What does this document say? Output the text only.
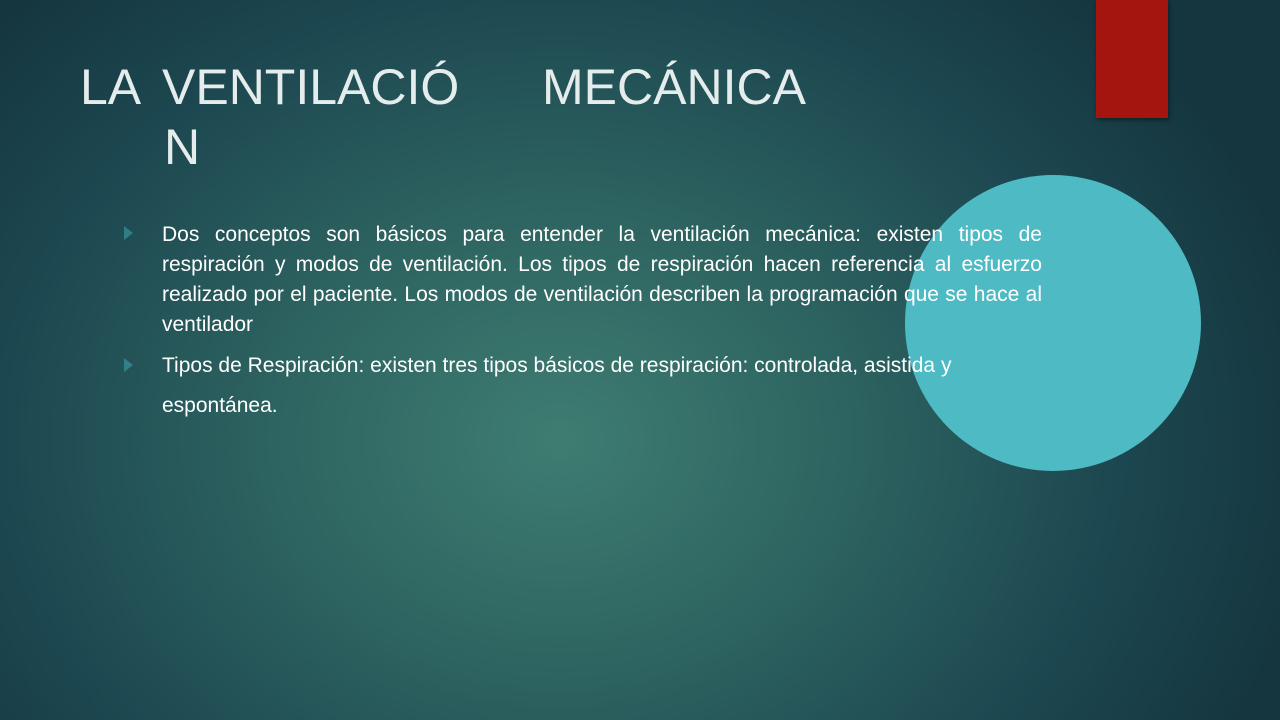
LA VENTILACIÓ
N
MECÁNICA
Dos conceptos son básicos para entender la ventilación mecánica: existen tipos de respiración y modos de ventilación. Los tipos de respiración hacen referencia al esfuerzo realizado por el paciente. Los modos de ventilación describen la programación que se hace al ventilador
Tipos de Respiración: existen tres tipos básicos de respiración: controlada, asistida y espontánea.
